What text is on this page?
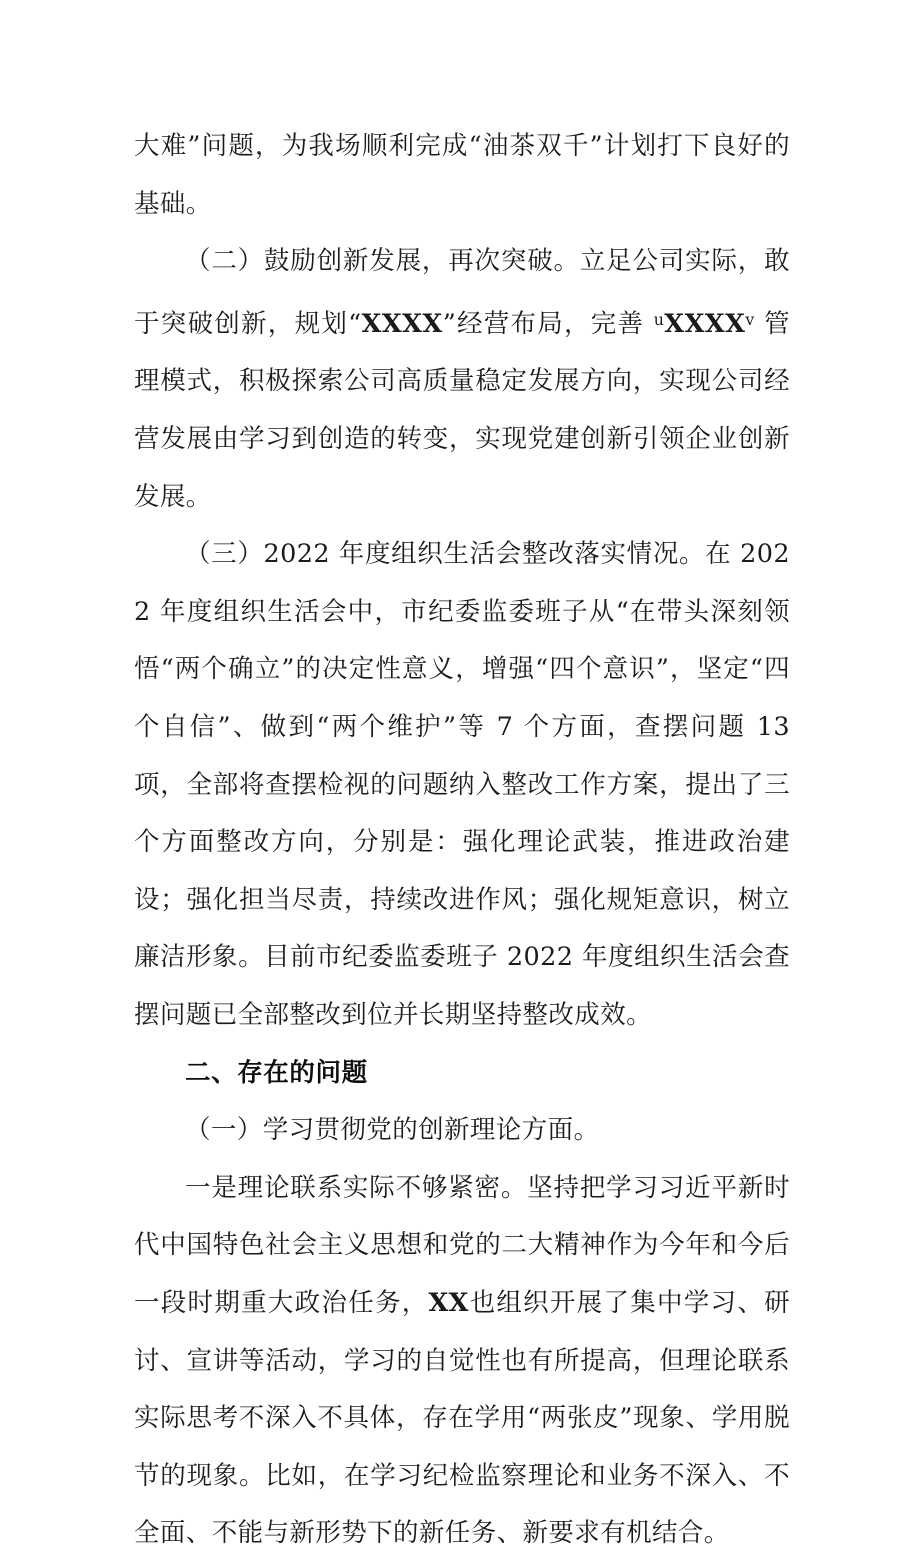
大难”问题，为我场顺利完成“油茶双千”计划打下良好的基础。

（二）鼓励创新发展，再次突破。立足公司实际，敢于突破创新，规划“XXXX”经营布局，完善 $^u$XXXX$^v$ 管理模式，积极探索公司高质量稳定发展方向，实现公司经营发展由学习到创造的转变，实现党建创新引领企业创新发展。

（三）2022 年度组织生活会整改落实情况。在 2022 年度组织生活会中，市纪委监委班子从“在带头深刻领悟“两个确立”的决定性意义，增强“四个意识”，坚定“四个自信”、做到“两个维护”等 7 个方面，查摆问题 13 项，全部将查摆检视的问题纳入整改工作方案，提出了三个方面整改方向，分别是：强化理论武装，推进政治建设；强化担当尽责，持续改进作风；强化规矩意识，树立廉洁形象。目前市纪委监委班子 2022 年度组织生活会查摆问题已全部整改到位并长期坚持整改成效。

二、存在的问题

（一）学习贯彻党的创新理论方面。

一是理论联系实际不够紧密。坚持把学习习近平新时代中国特色社会主义思想和党的二大精神作为今年和今后一段时期重大政治任务，XX也组织开展了集中学习、研讨、宣讲等活动，学习的自觉性也有所提高，但理论联系实际思考不深入不具体，存在学用“两张皮”现象、学用脱节的现象。比如，在学习纪检监察理论和业务不深入、不全面、不能与新形势下的新任务、新要求有机结合。
